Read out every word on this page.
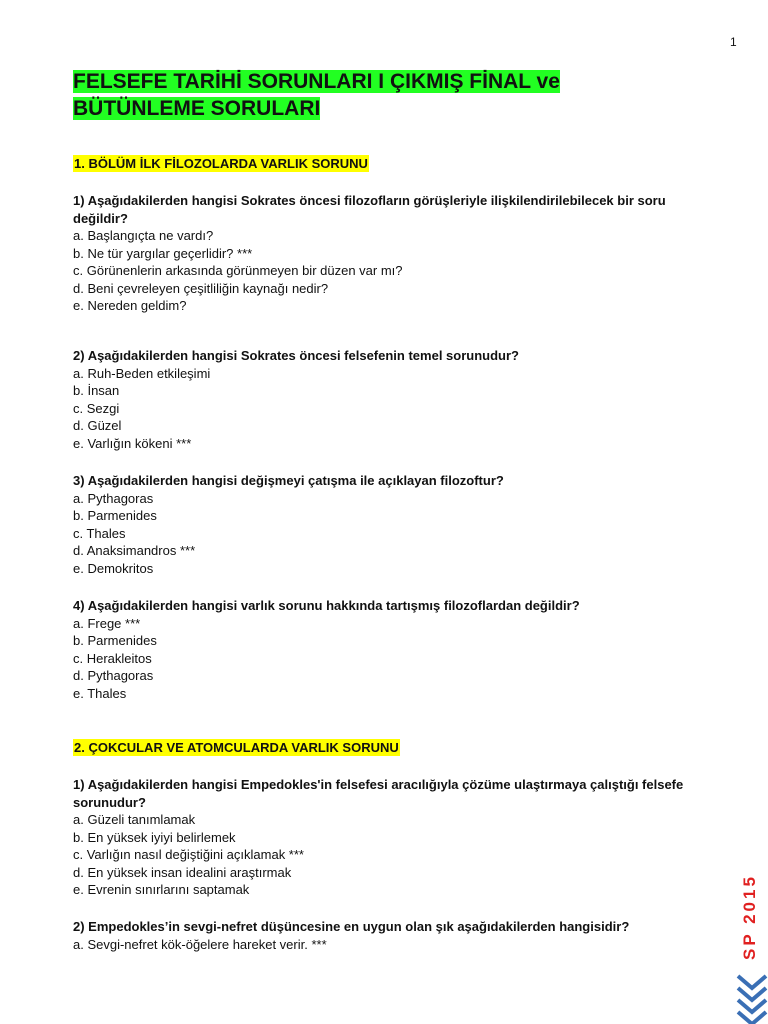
1
FELSEFE TARİHİ SORUNLARI I ÇIKMIŞ FİNAL ve BÜTÜNLEME SORULARI
1. BÖLÜM İLK FİLOZOLARDA VARLIK SORUNU
1) Aşağıdakilerden hangisi Sokrates öncesi filozofların görüşleriyle ilişkilendirilebilecek bir soru değildir?
a. Başlangıçta ne vardı?
b. Ne tür yargılar geçerlidir? ***
c. Görünenlerin arkasında görünmeyen bir düzen var mı?
d. Beni çevreleyen çeşitliliğin kaynağı nedir?
e. Nereden geldim?
2) Aşağıdakilerden hangisi Sokrates öncesi felsefenin temel sorunudur?
a. Ruh-Beden etkileşimi
b. İnsan
c. Sezgi
d. Güzel
e. Varlığın kökeni ***
3) Aşağıdakilerden hangisi değişmeyi çatışma ile açıklayan filozoftur?
a. Pythagoras
b. Parmenides
c. Thales
d. Anaksimandros ***
e. Demokritos
4) Aşağıdakilerden hangisi varlık sorunu hakkında tartışmış filozoflardan değildir?
a. Frege ***
b. Parmenides
c. Herakleitos
d. Pythagoras
e. Thales
2. ÇOKCULAR VE ATOMCULARDA VARLIK SORUNU
1) Aşağıdakilerden hangisi Empedokles'in felsefesi aracılığıyla çözüme ulaştırmaya çalıştığı felsefe sorunudur?
a. Güzeli tanımlamak
b. En yüksek iyiyi belirlemek
c. Varlığın nasıl değiştiğini açıklamak ***
d. En yüksek insan idealini araştırmak
e. Evrenin sınırlarını saptamak
2) Empedokles’in sevgi-nefret düşüncesine en uygun olan şık aşağıdakilerden hangisidir?
a. Sevgi-nefret kök-öğelere hareket verir. ***	SP 2015
